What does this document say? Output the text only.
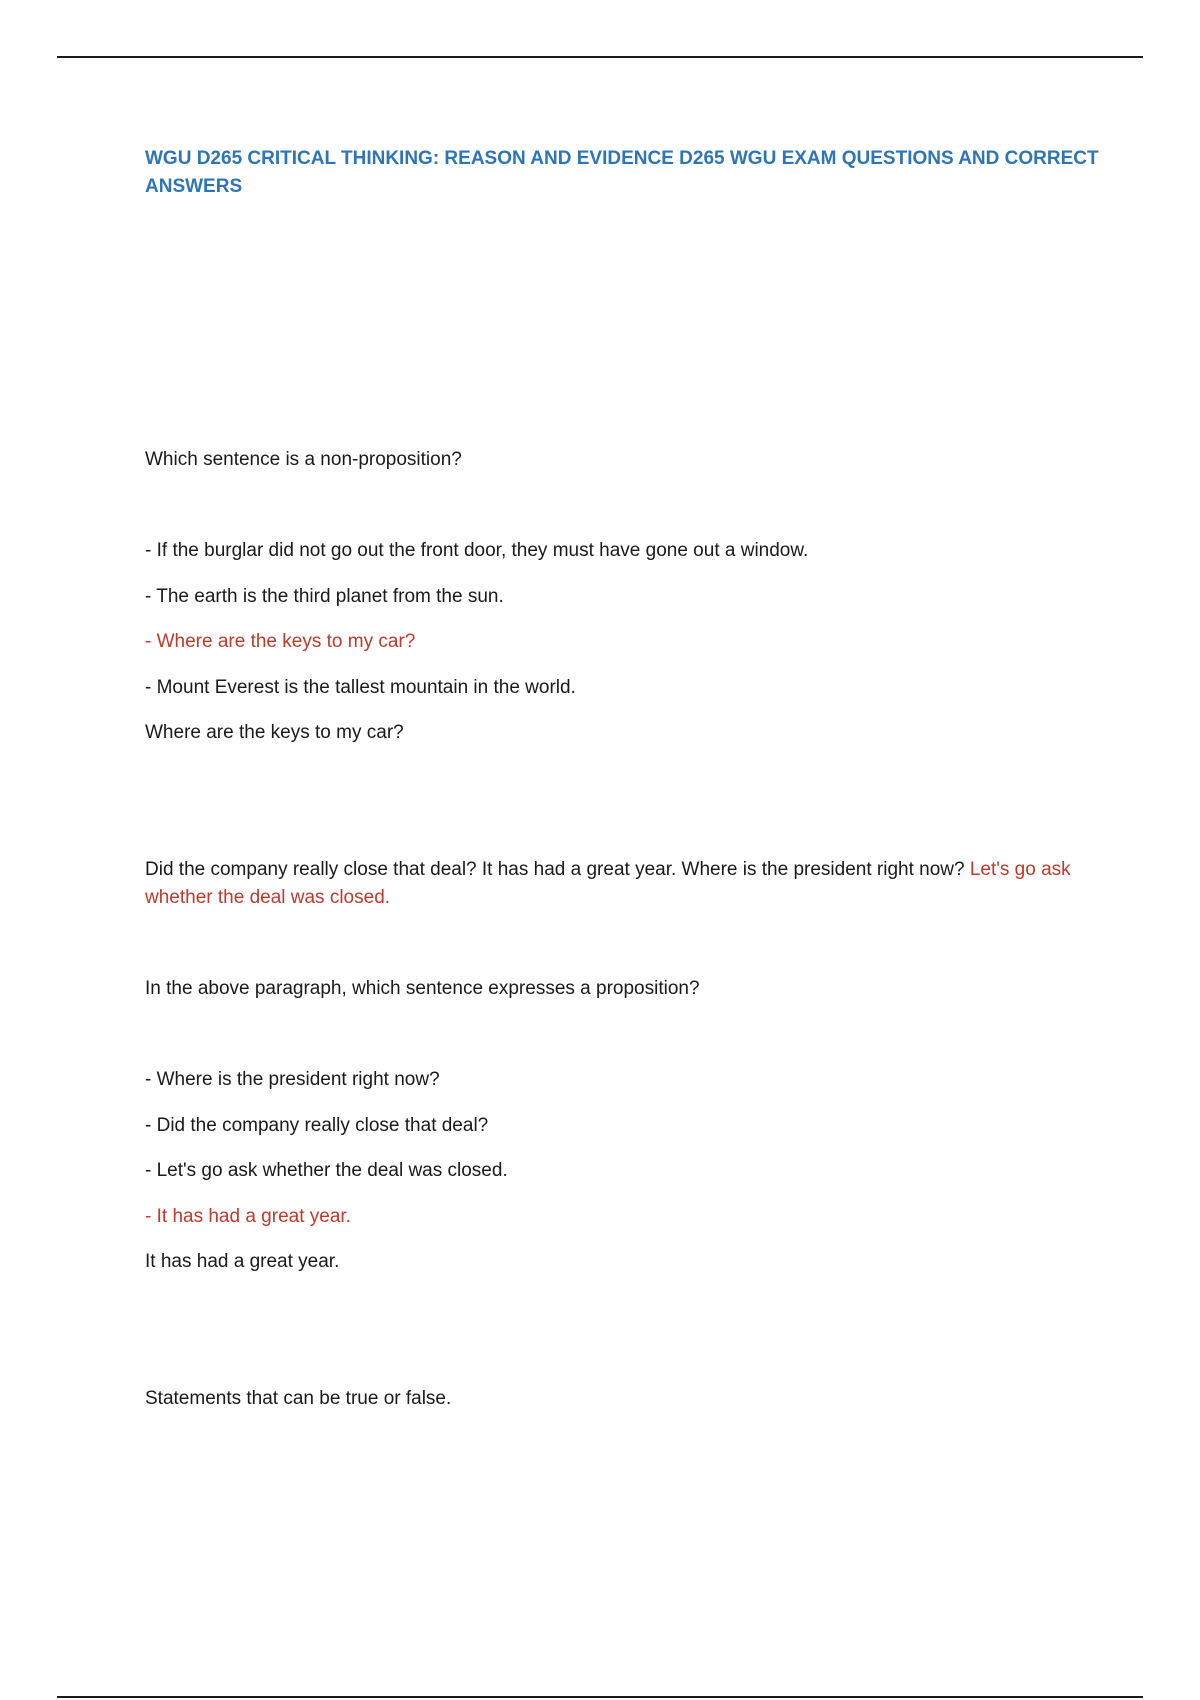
WGU D265 CRITICAL THINKING: REASON AND EVIDENCE D265 WGU EXAM QUESTIONS AND CORRECT ANSWERS
Which sentence is a non-proposition?
- If the burglar did not go out the front door, they must have gone out a window.
- The earth is the third planet from the sun.
- Where are the keys to my car?
- Mount Everest is the tallest mountain in the world.
Where are the keys to my car?
Did the company really close that deal? It has had a great year. Where is the president right now? Let's go ask whether the deal was closed.
In the above paragraph, which sentence expresses a proposition?
- Where is the president right now?
- Did the company really close that deal?
- Let's go ask whether the deal was closed.
- It has had a great year.
It has had a great year.
Statements that can be true or false.
